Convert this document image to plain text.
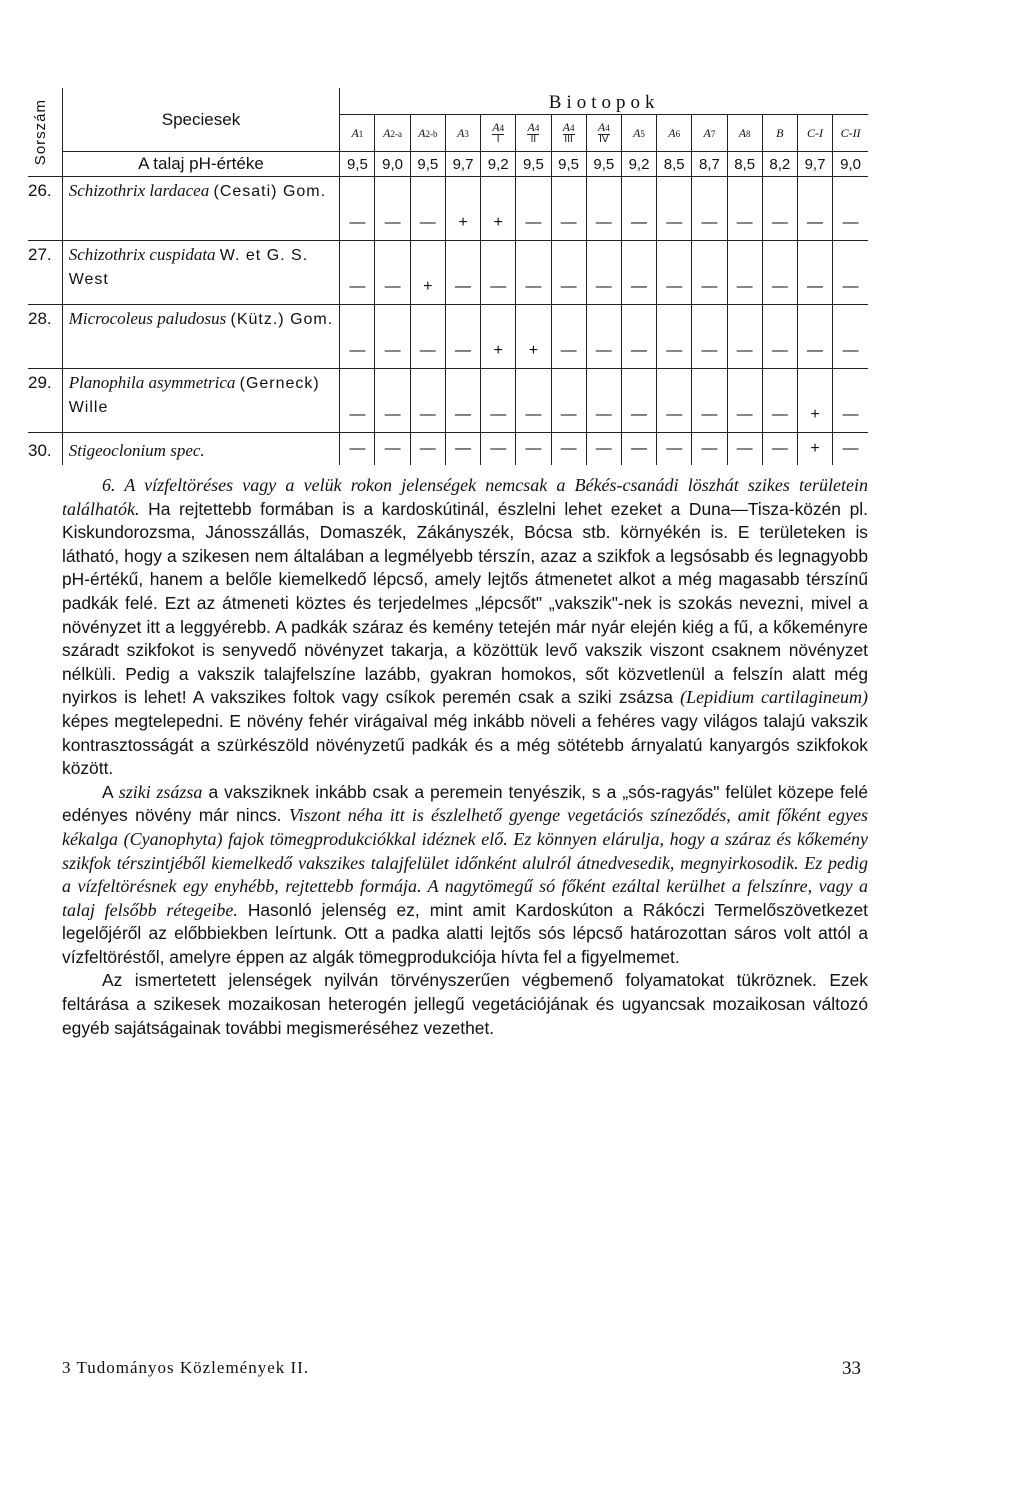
Sorszám	Speciesek	Biotopok														
		A1	A2-a	A2-b	A3	$\frac{A4}{I}$	$\frac{A4}{II}$	$\frac{A4}{\text{III}}$	$\frac{A4}{IV}$	A5	A6	A7	A8	B	C-I	C-II
	A talaj pH-értéke	9,5	9,0	9,5	9,7	9,2	9,5	9,5	9,5	9,2	8,5	8,7	8,5	8,2	9,7	9,0
26.	Schizothrix lardacea (Cesati) Gom.	—	—	—	+	+	—	—	—	—	—	—	—	—	—	—
27.	Schizothrix cuspidata W. et G. S. West	—	—	+	—	—	—	—	—	—	—	—	—	—	—	—
28.	Microcoleus paludosus (Kütz.) Gom.	—	—	—	—	+	+	—	—	—	—	—	—	—	—	—
29.	Planophila asymmetrica (Gerneck) Wille	—	—	—	—	—	—	—	—	—	—	—	—	—	+	—
30.	Stigeoclonium spec.	—	—	—	—	—	—	—	—	—	—	—	—	—	+	—

6. A vízfeltöréses vagy a velük rokon jelenségek nemcsak a Békés-csanádi löszhát szikes területein találhatók. Ha rejtettebb formában is a kardoskútinál, észlelni lehet ezeket a Duna—Tisza-közén pl. Kiskundorozsma, Jánosszállás, Domaszék, Zákányszék, Bócsa stb. környékén is. E területeken is látható, hogy a szikesen nem általában a legmélyebb térszín, azaz a szikfok a legsósabb és legnagyobb pH-értékű, hanem a belőle kiemelkedő lépcső, amely lejtős átmenetet alkot a még magasabb térszínű padkák felé. Ezt az átmeneti köztes és terjedelmes „lépcsőt" „vakszik"-nek is szokás nevezni, mivel a növényzet itt a leggyérebb. A padkák száraz és kemény tetején már nyár elején kiég a fű, a kőkeményre száradt szikfokot is senyvedő növényzet takarja, a közöttük levő vakszik viszont csaknem növényzet nélküli. Pedig a vakszik talajfelszíne lazább, gyakran homokos, sőt közvetlenül a felszín alatt még nyirkos is lehet! A vakszikes foltok vagy csíkok peremén csak a sziki zsázsa (Lepidium cartilagineum) képes megtelepedni. E növény fehér virágaival még inkább növeli a fehéres vagy világos talajú vakszik kontrasztosságát a szürkészöld növényzetű padkák és a még sötétebb árnyalatú kanyargós szikfokok között.

A sziki zsázsa a vaksziknek inkább csak a peremein tenyészik, s a „sós-ragyás" felület közepe felé edényes növény már nincs. Viszont néha itt is észlelhető gyenge vegetációs színeződés, amit főként egyes kékalga (Cyanophyta) fajok tömegprodukciókkal idéznek elő. Ez könnyen elárulja, hogy a száraz és kőkemény szikfok térszintjéből kiemelkedő vakszikes talajfelület időnként alulról átnedvesedik, megnyirkosodik. Ez pedig a vízfeltörésnek egy enyhébb, rejtettebb formája. A nagytömegű só főként ezáltal kerülhet a felszínre, vagy a talaj felsőbb rétegeibe. Hasonló jelenség ez, mint amit Kardoskúton a Rákóczi Termelőszövetkezet legelőjéről az előbbiekben leírtunk. Ott a padka alatti lejtős sós lépcső határozottan sáros volt attól a vízfeltöréstől, amelyre éppen az algák tömegprodukciója hívta fel a figyelmemet.

Az ismertetett jelenségek nyilván törvényszerűen végbemenő folyamatokat tükröznek. Ezek feltárása a szikesek mozaikosan heterogén jellegű vegetációjának és ugyancsak mozaikosan változó egyéb sajátságainak további megismeréséhez vezethet.

3 Tudományos Közlemények II.	33
